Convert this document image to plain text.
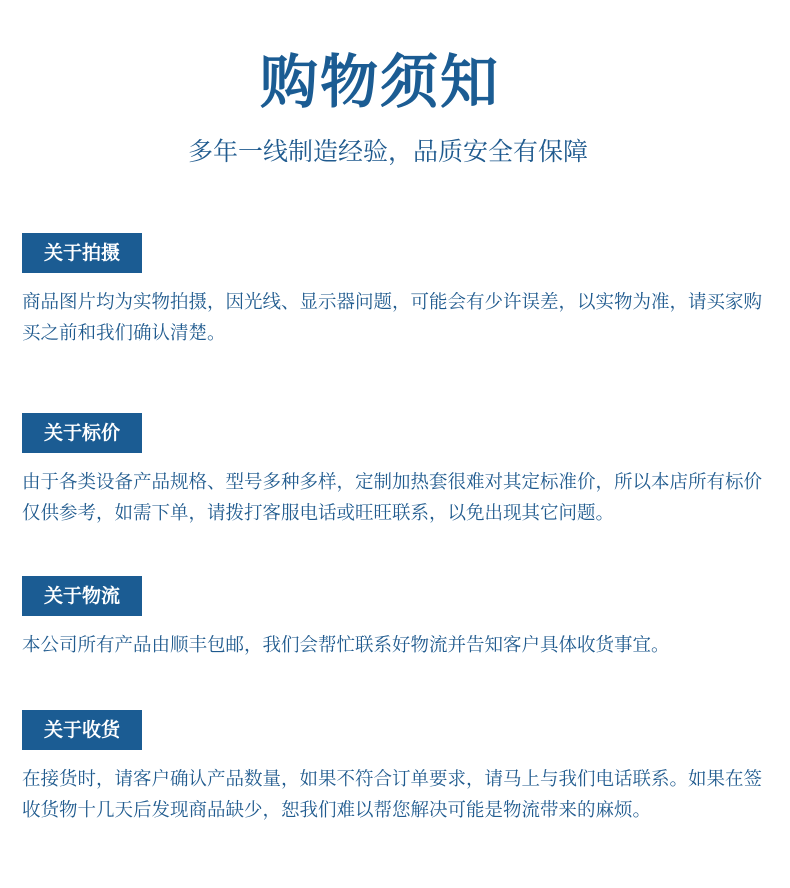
购物须知

多年一线制造经验，品质安全有保障

关于拍摄
商品图片均为实物拍摄，因光线、显示器问题，可能会有少许误差，以实物为准，请买家购买之前和我们确认清楚。
关于标价
由于各类设备产品规格、型号多种多样，定制加热套很难对其定标准价，所以本店所有标价仅供参考，如需下单，请拨打客服电话或旺旺联系，以免出现其它问题。
关于物流
本公司所有产品由顺丰包邮，我们会帮忙联系好物流并告知客户具体收货事宜。
关于收货
在接货时，请客户确认产品数量，如果不符合订单要求，请马上与我们电话联系。如果在签收货物十几天后发现商品缺少，恕我们难以帮您解决可能是物流带来的麻烦。
